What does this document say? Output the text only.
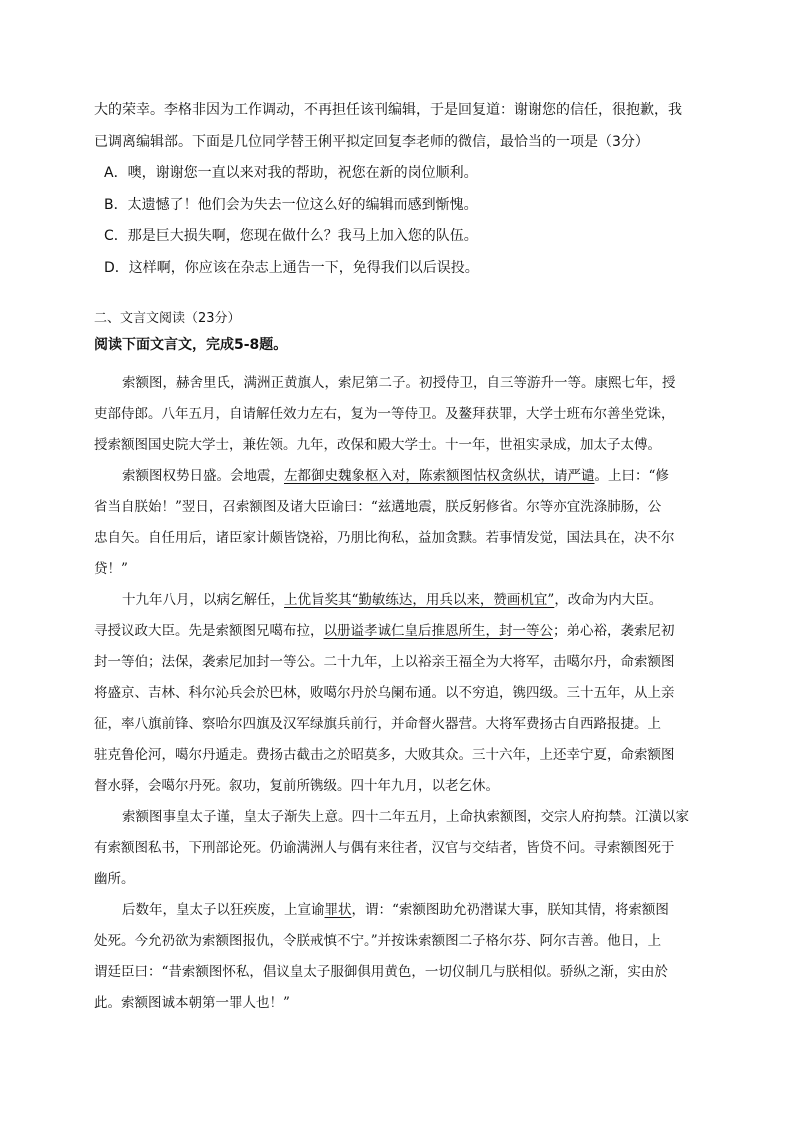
大的荣幸。李格非因为工作调动，不再担任该刊编辑，于是回复道：谢谢您的信任，很抱歉，我
已调离编辑部。下面是几位同学替王俐平拟定回复李老师的微信，最恰当的一项是（3分）
A．噢，谢谢您一直以来对我的帮助，祝您在新的岗位顺利。
B．太遗憾了！他们会为失去一位这么好的编辑而感到惭愧。
C．那是巨大损失啊，您现在做什么？我马上加入您的队伍。
D．这样啊，你应该在杂志上通告一下，免得我们以后误投。
二、文言文阅读（23分）
阅读下面文言文，完成5-8题。
索额图，赫舍里氏，满洲正黄旗人，索尼第二子。初授侍卫，自三等游升一等。康熙七年，授
吏部侍郎。八年五月，自请解任效力左右，复为一等侍卫。及鳌拜获罪，大学士班布尔善坐党诛，
授索额图国史院大学士，兼佐领。九年，改保和殿大学士。十一年，世祖实录成，加太子太傅。
索额图权势日盛。会地震，左都御史魏象枢入对，陈索额图怙权贪纵状，请严谴。上曰：“修
省当自朕始！”翌日，召索额图及诸大臣谕曰：“兹遘地震，朕反躬修省。尔等亦宜洗涤肺肠，公
忠自矢。自任用后，诸臣家计颇皆饶裕，乃朋比徇私，益加贪黩。若事情发觉，国法具在，决不尔
贷！”
十九年八月，以病乞解任，上优旨奖其“勤敏练达，用兵以来，赞画机宜”，改命为内大臣。
寻授议政大臣。先是索额图兄噶布拉，以册谥孝诚仁皇后推恩所生，封一等公；弟心裕，袭索尼初
封一等伯；法保，袭索尼加封一等公。二十九年，上以裕亲王福全为大将军，击噶尔丹，命索额图
将盛京、吉林、科尔沁兵会於巴林，败噶尔丹於乌阑布通。以不穷追，镌四级。三十五年，从上亲
征，率八旗前锋、察哈尔四旗及汉军绿旗兵前行，并命督火器营。大将军费扬古自西路报捷。上
驻克鲁伦河，噶尔丹遁走。费扬古截击之於昭莫多，大败其众。三十六年，上还幸宁夏，命索额图
督水驿，会噶尔丹死。叙功，复前所镌级。四十年九月，以老乞休。
索额图事皇太子谨，皇太子渐失上意。四十二年五月，上命执索额图，交宗人府拘禁。江潢以家
有索额图私书，下刑部论死。仍谕满洲人与偶有来往者，汉官与交结者，皆贷不问。寻索额图死于
幽所。
后数年，皇太子以狂疾废，上宣谕罪状，谓：“索额图助允礽潜谋大事，朕知其情，将索额图
处死。今允礽欲为索额图报仇，令朕戒慎不宁。”并按诛索额图二子格尔芬、阿尔吉善。他日，上
谓廷臣曰：“昔索额图怀私，倡议皇太子服御俱用黄色，一切仪制几与朕相似。骄纵之渐，实由於
此。索额图诚本朝第一罪人也！”
